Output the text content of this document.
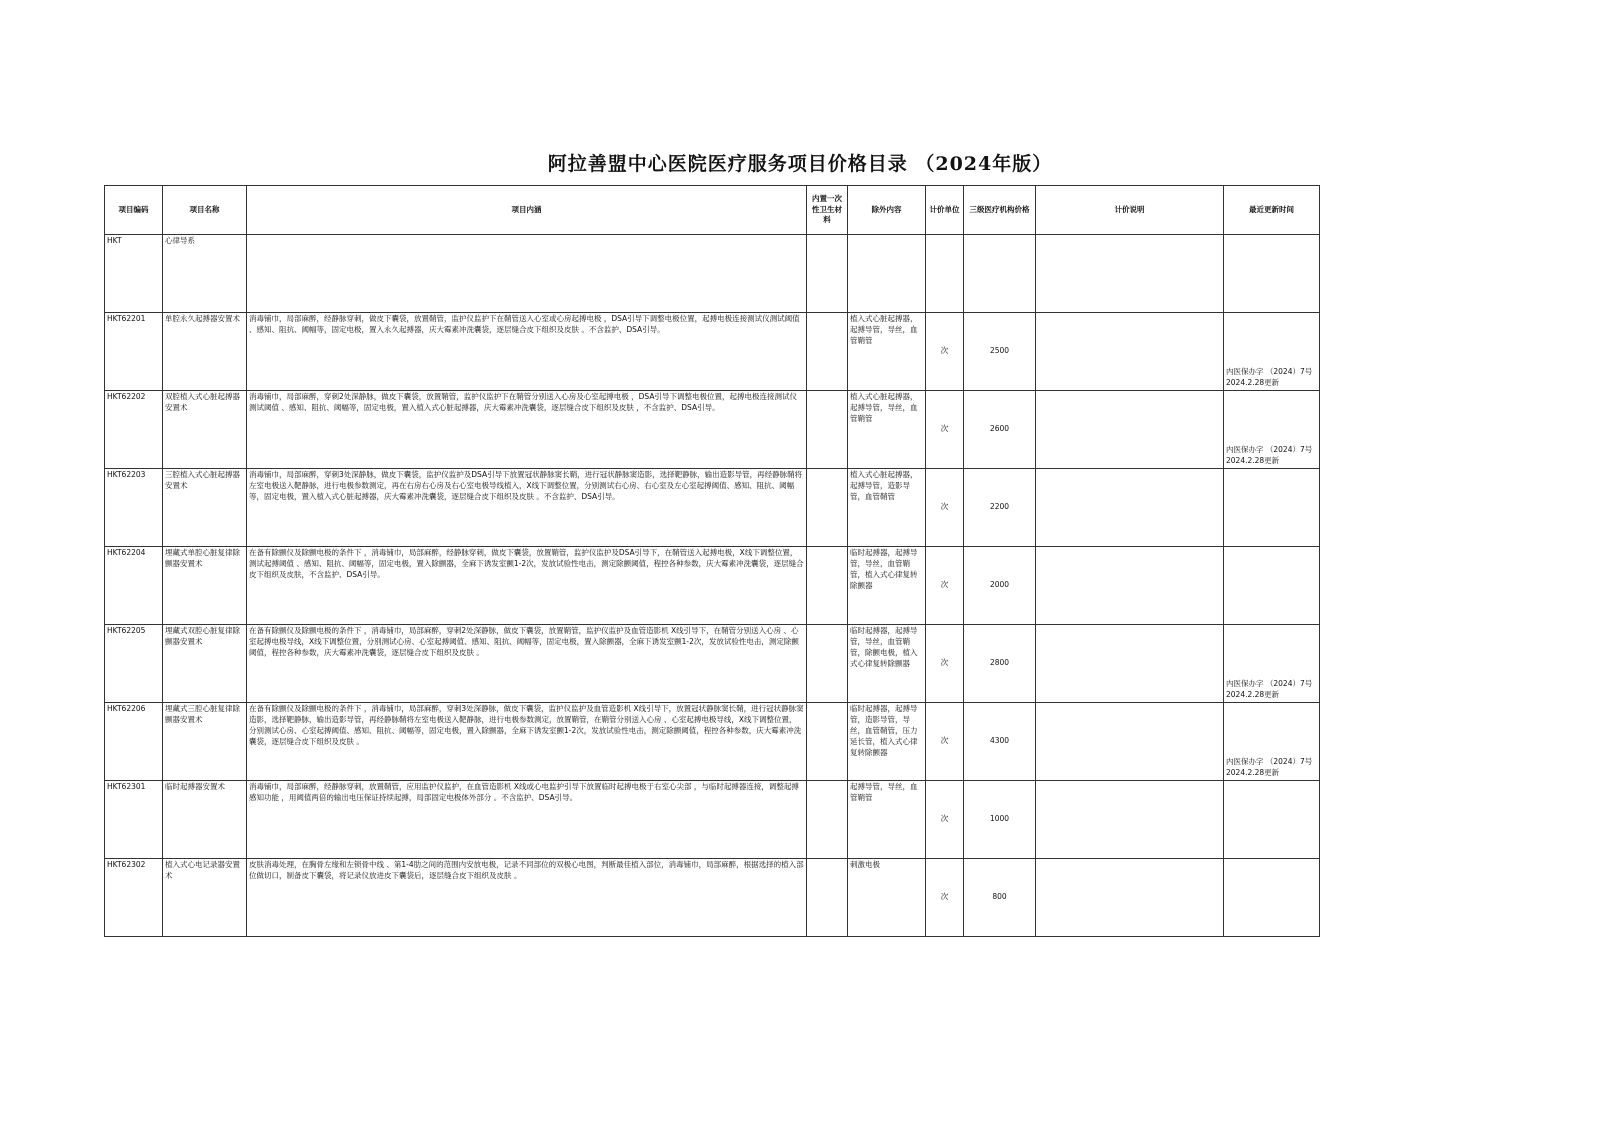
阿拉善盟中心医院医疗服务项目价格目录 （2024年版）
项目编码	项目名称	项目内涵	内置一次性卫生材料	除外内容	计价单位	三级医疗机构价格	计价说明	最近更新时间
HKT	心律导系							
HKT62201	单腔永久起搏器安置术	消毒铺巾，局部麻醉，经静脉穿刺，做皮下囊袋，放置鞘管，监护仪监护下在鞘管送入心室或心房起搏电极 ，DSA引导下调整电极位置，起搏电极连接测试仪测试阈值 、感知、阻抗、阈幅等，固定电极，置入永久起搏器，庆大霉素冲洗囊袋，逐层缝合皮下组织及皮肤 。不含监护、DSA引导。		植入式心脏起搏器，起搏导管，导丝，血管鞘管	次	2500		内医保办字 （2024）7号 2024.2.28更新
HKT62202	双腔植入式心脏起搏器安置术	消毒铺巾，局部麻醉，穿刺2处深静脉，做皮下囊袋，放置鞘管，监护仪监护下在鞘管分别送入心房及心室起搏电极 ，DSA引导下调整电极位置，起搏电极连接测试仪测试阈值 、感知、阻抗、阈幅等，固定电极，置入植入式心脏起搏器，庆大霉素冲洗囊袋，逐层缝合皮下组织及皮肤 ，不含监护、DSA引导。		植入式心脏起搏器，起搏导管，导丝，血管鞘管	次	2600		内医保办字 （2024）7号 2024.2.28更新
HKT62203	三腔植入式心脏起搏器安置术	消毒铺巾，局部麻醉，穿刺3处深静脉，做皮下囊袋，监护仪监护及DSA引导下放置冠状静脉窦长鞘，进行冠状静脉窦造影，选择靶静脉，输出造影导管，再经静脉鞘将左室电极送入靶静脉，进行电极参数测定，再在右房右心房及右心室电极导线植入，X线下调整位置，分别测试右心房、右心室及左心室起搏阈值、感知、阻抗、阈幅等，固定电极，置入植入式心脏起搏器，庆大霉素冲洗囊袋，逐层缝合皮下组织及皮肤 。不含监护、DSA引导。		植入式心脏起搏器，起搏导管，造影导管，血管鞘管	次	2200		
HKT62204	埋藏式单腔心脏复律除颤器安置术	在备有除颤仪及除颤电极的条件下 ，消毒铺巾，局部麻醉，经静脉穿刺，做皮下囊袋，放置鞘管，监护仪监护及DSA引导下，在鞘管送入起搏电极，X线下调整位置，测试起搏阈值 、感知、阻抗、阈幅等，固定电极，置入除颤器，全麻下诱发室颤1-2次，发放试验性电击，测定除颤阈值，程控各种参数，庆大霉素冲洗囊袋，逐层缝合皮下组织及皮肤，不含监护、DSA引导。		临时起搏器，起搏导管，导丝，血管鞘管，植入式心律复转除颤器	次	2000		
HKT62205	埋藏式双腔心脏复律除颤器安置术	在备有除颤仪及除颤电极的条件下 ，消毒铺巾，局部麻醉，穿刺2处深静脉，做皮下囊袋，放置鞘管，监护仪监护及血管造影机 X线引导下，在鞘管分别送入心房 、心室起搏电极导线，X线下调整位置，分别测试心房、心室起搏阈值、感知、阻抗、阈幅等，固定电极，置入除颤器，全麻下诱发室颤1-2次，发放试验性电击，测定除颤阈值，程控各种参数，庆大霉素冲洗囊袋，逐层缝合皮下组织及皮肤 。		临时起搏器，起搏导管，导丝，血管鞘管，除颤电极，植入式心律复转除颤器	次	2800		内医保办字 （2024）7号 2024.2.28更新
HKT62206	埋藏式三腔心脏复律除颤器安置术	在备有除颤仪及除颤电极的条件下 ，消毒铺巾，局部麻醉，穿刺3处深静脉，做皮下囊袋，监护仪监护及血管造影机 X线引导下，放置冠状静脉窦长鞘，进行冠状静脉窦造影，选择靶静脉，输出造影导管，再经静脉鞘将左室电极送入靶静脉，进行电极参数测定，放置鞘管，在鞘管分别送入心房 、心室起搏电极导线，X线下调整位置，分别测试心房、心室起搏阈值、感知、阻抗、阈幅等，固定电极，置入除颤器，全麻下诱发室颤1-2次，发放试验性电击，测定除颤阈值，程控各种参数，庆大霉素冲洗囊袋，逐层缝合皮下组织及皮肤 。		临时起搏器，起搏导管，造影导管，导丝，血管鞘管，压力延长管，植入式心律复转除颤器	次	4300		内医保办字 （2024）7号 2024.2.28更新
HKT62301	临时起搏器安置术	消毒铺巾，局部麻醉，经静脉穿刺，放置鞘管，应用监护仪监护，在血管造影机 X线或心电监护引导下放置临时起搏电极于右室心尖部 ，与临时起搏器连接，调整起搏感知功能 ，用阈值两倍的输出电压保证持续起搏，局部固定电极体外部分 。不含监护、DSA引导。		起搏导管，导丝，血管鞘管	次	1000		
HKT62302	植入式心电记录器安置术	皮肤消毒处理，在胸骨左缘和左锁骨中线 、第1-4肋之间的范围内安放电极，记录不同部位的双极心电图，判断最佳植入部位，消毒铺巾，局部麻醉，根据选择的植入部位做切口，制备皮下囊袋，将记录仪放进皮下囊袋后，逐层缝合皮下组织及皮肤 。		刺激电极	次	800		
